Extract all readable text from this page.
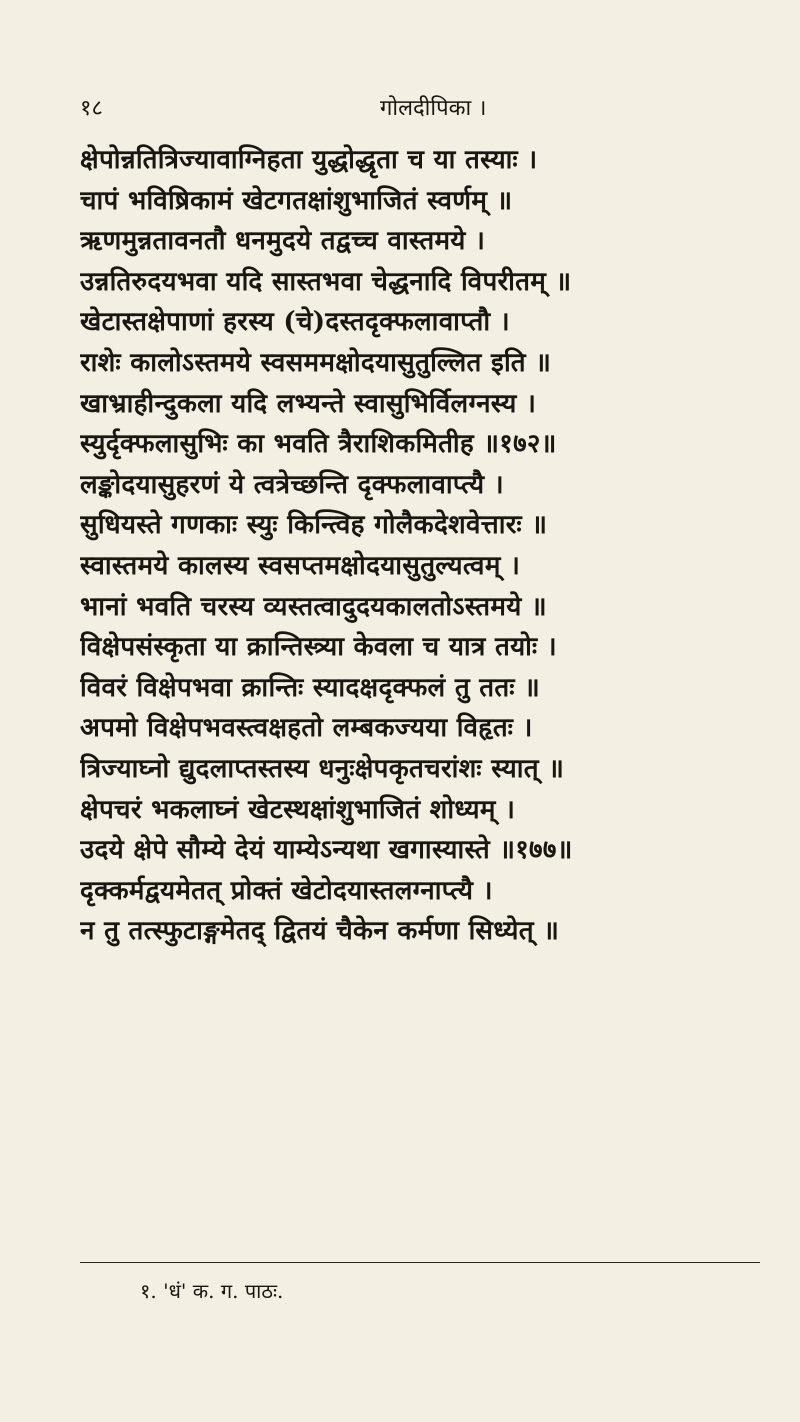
१८	गोलदीपिका ।
क्षेपोन्नतित्रिज्यावाग्निहता युद्धोद्धृता च या तस्याः ।
चापं भविष्रिकामं खेटगतक्षांशुभाजितं स्वर्णम् ॥
ऋणमुन्नतावनतौ धनमुदये तद्वच्च वास्तमये ।
उन्नतिरुदयभवा यदि सास्तभवा चेद्धनादि विपरीतम् ॥
खेटास्तक्षेपाणां हरस्य (चे)दस्तदृक्फलावाप्तौ ।
राशेः कालोऽस्तमये स्वसममक्षोदयासुतुल्लित इति ॥
खाभ्राहीन्दुकला यदि लभ्यन्ते स्वासुभिर्विलग्नस्य ।
स्युर्दृक्फलासुभिः का भवति त्रैराशिकमितीह ॥१७२॥
लङ्कोदयासुहरणं ये त्वत्रेच्छन्ति दृक्फलावाप्त्यै ।
सुधियस्ते गणकाः स्युः किन्त्विह गोलैकदेशवेत्तारः ॥
स्वास्तमये कालस्य स्वसप्तमक्षोदयासुतुल्यत्वम् ।
भानां भवति चरस्य व्यस्तत्वादुदयकालतोऽस्तमये ॥
विक्षेपसंस्कृता या क्रान्तिस्त्र्या केवला च यात्र तयोः ।
विवरं विक्षेपभवा क्रान्तिः स्यादक्षदृक्फलं तु ततः ॥
अपमो विक्षेपभवस्त्वक्षहतो लम्बकज्यया विहृतः ।
त्रिज्याघ्नो द्युदलाप्तस्तस्य धनुःक्षेपकृतचरांशः स्यात् ॥
क्षेपचरं भकलाघ्नं खेटस्थक्षांशुभाजितं शोध्यम् ।
उदये क्षेपे सौम्ये देयं याम्येऽन्यथा खगास्यास्ते ॥१७७॥
दृक्कर्मद्वयमेतत् प्रोक्तं खेटोदयास्तलग्नाप्त्यै ।
न तु तत्स्फुटाङ्गमेतद् द्वितयं चैकेन कर्मणा सिध्येत् ॥
१. 'धं' क. ग. पाठः.
